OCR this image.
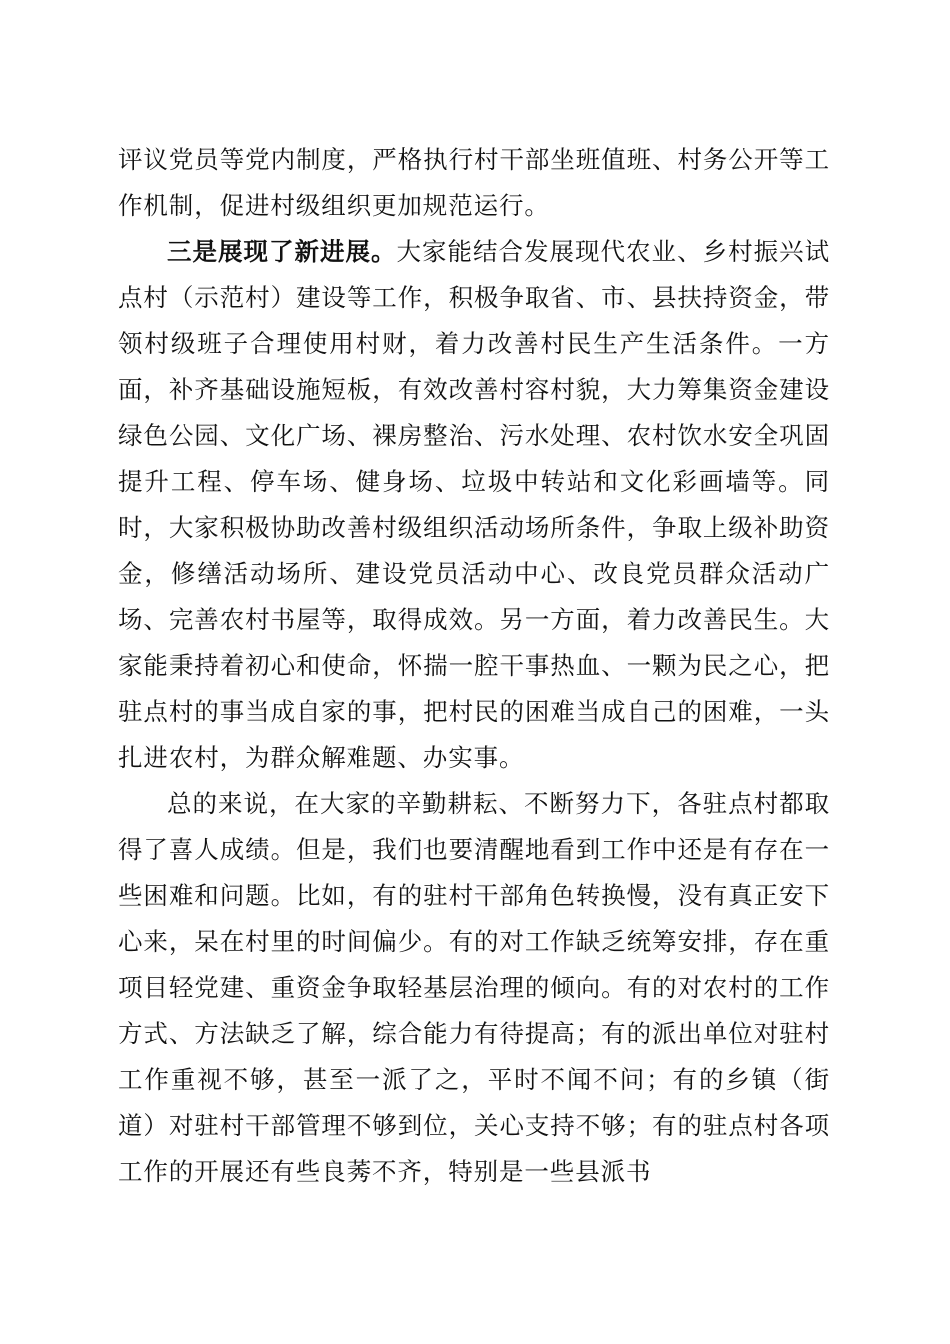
评议党员等党内制度，严格执行村干部坐班值班、村务公开等工作机制，促进村级组织更加规范运行。

三是展现了新进展。大家能结合发展现代农业、乡村振兴试点村（示范村）建设等工作，积极争取省、市、县扶持资金，带领村级班子合理使用村财，着力改善村民生产生活条件。一方面，补齐基础设施短板，有效改善村容村貌，大力筹集资金建设绿色公园、文化广场、裸房整治、污水处理、农村饮水安全巩固提升工程、停车场、健身场、垃圾中转站和文化彩画墙等。同时，大家积极协助改善村级组织活动场所条件，争取上级补助资金，修缮活动场所、建设党员活动中心、改良党员群众活动广场、完善农村书屋等，取得成效。另一方面，着力改善民生。大家能秉持着初心和使命，怀揣一腔干事热血、一颗为民之心，把驻点村的事当成自家的事，把村民的困难当成自己的困难，一头扎进农村，为群众解难题、办实事。

总的来说，在大家的辛勤耕耘、不断努力下，各驻点村都取得了喜人成绩。但是，我们也要清醒地看到工作中还是有存在一些困难和问题。比如，有的驻村干部角色转换慢，没有真正安下心来，呆在村里的时间偏少。有的对工作缺乏统筹安排，存在重项目轻党建、重资金争取轻基层治理的倾向。有的对农村的工作方式、方法缺乏了解，综合能力有待提高；有的派出单位对驻村工作重视不够，甚至一派了之，平时不闻不问；有的乡镇（街道）对驻村干部管理不够到位，关心支持不够；有的驻点村各项工作的开展还有些良莠不齐，特别是一些县派书
